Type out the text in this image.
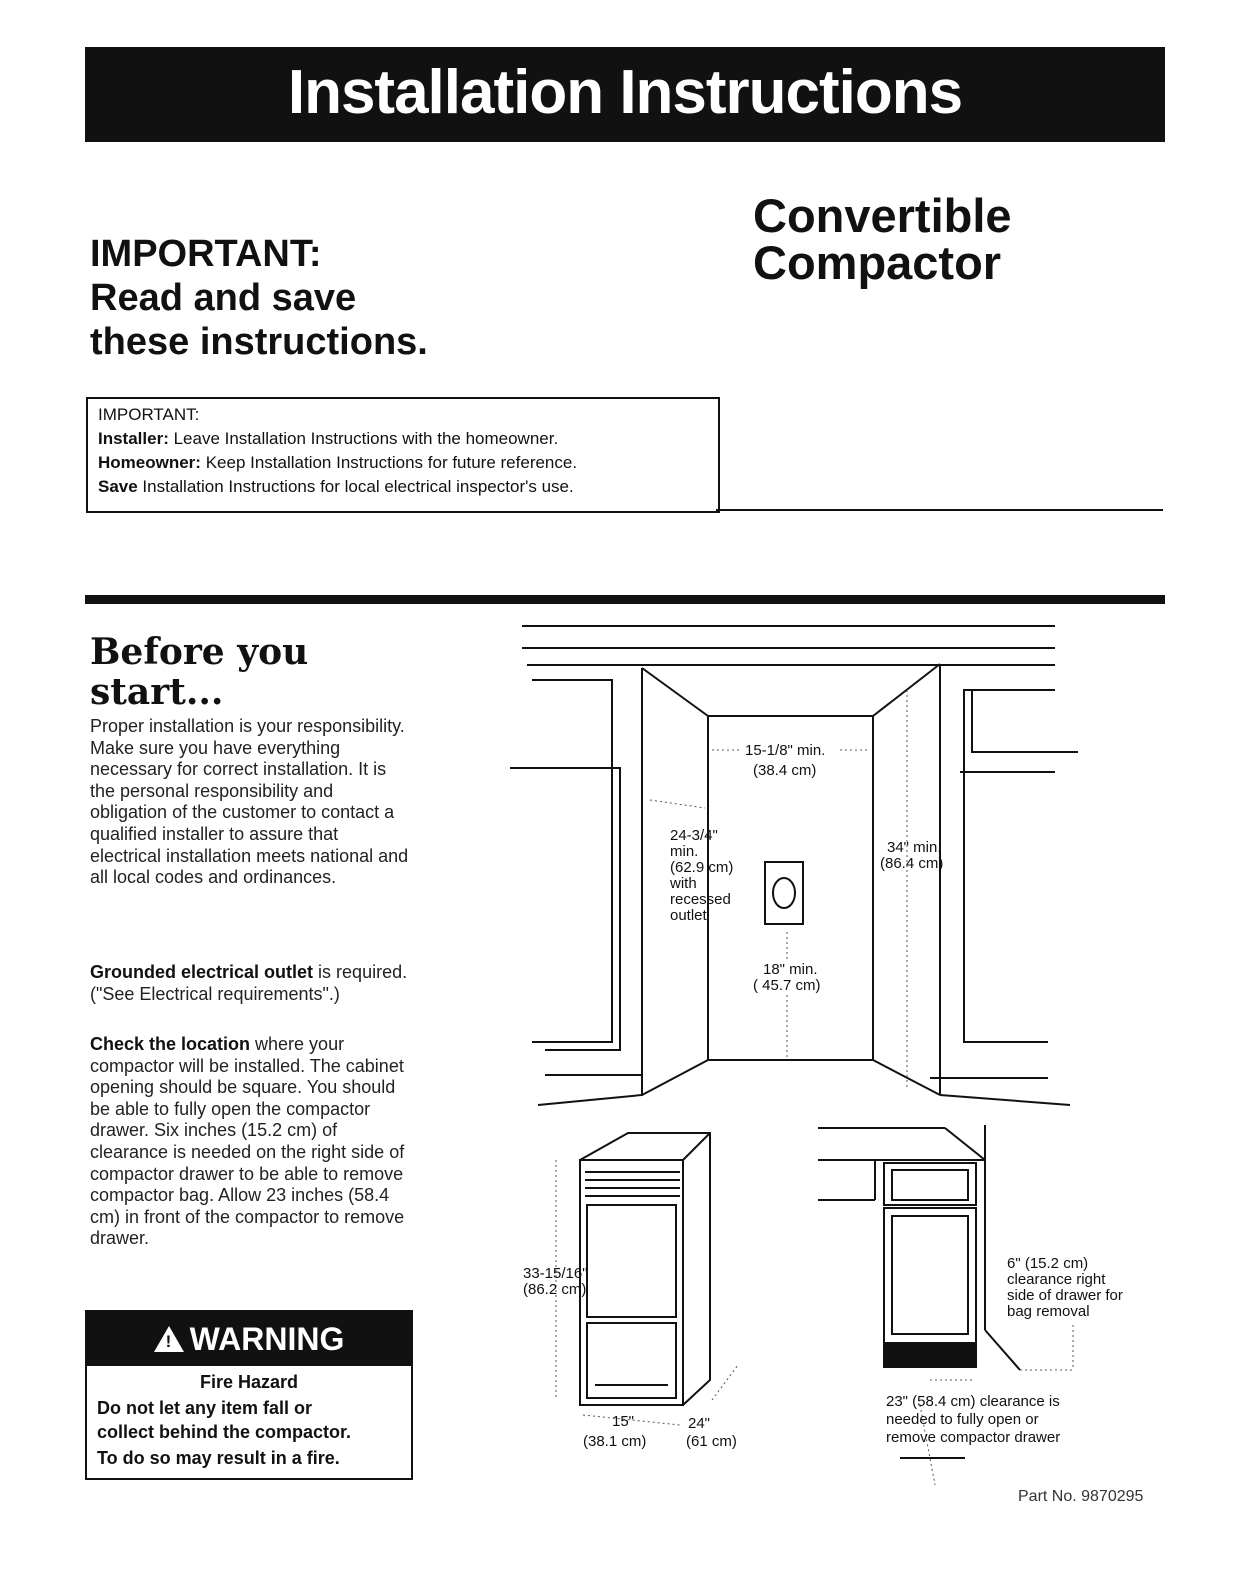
Installation Instructions
IMPORTANT:
Read and save
these instructions.
Convertible
Compactor
IMPORTANT:
Installer: Leave Installation Instructions with the homeowner.
Homeowner: Keep Installation Instructions for future reference.
Save Installation Instructions for local electrical inspector's use.
Before you
start...
Proper installation is your responsibility. Make sure you have everything necessary for correct installation. It is the personal responsibility and obligation of the customer to contact a qualified installer to assure that electrical installation meets national and all local codes and ordinances.
Grounded electrical outlet is required. ("See Electrical requirements".)
Check the location where your compactor will be installed. The cabinet opening should be square. You should be able to fully open the compactor drawer. Six inches (15.2 cm) of clearance is needed on the right side of compactor drawer to be able to remove compactor bag. Allow 23 inches (58.4 cm) in front of the compactor to remove drawer.
! WARNING
Fire Hazard
Do not let any item fall or
collect behind the compactor.
To do so may result in a fire.
15-1/8" min.
(38.4 cm)
24-3/4"
min.
(62.9 cm)
with
recessed
outlet
34" min.
(86.4 cm)
18" min.
( 45.7 cm)
33-15/16"
(86.2 cm)
15"
(38.1 cm)
24"
(61 cm)
6" (15.2 cm)
clearance right
side of drawer for
bag removal
23" (58.4 cm) clearance is
needed to fully open or
remove compactor drawer
Part No. 9870295
